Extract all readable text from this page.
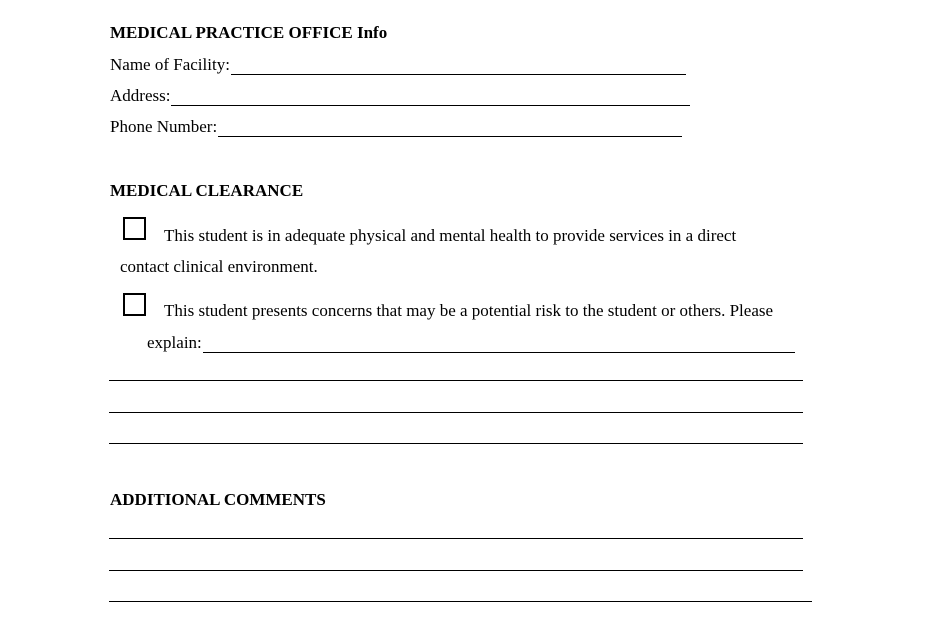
MEDICAL PRACTICE OFFICE Info
Name of Facility:
Address:
Phone Number:
MEDICAL CLEARANCE
This student is in adequate physical and mental health to provide services in a direct
contact clinical environment.
This student presents concerns that may be a potential risk to the student or others. Please
explain:
ADDITIONAL COMMENTS
